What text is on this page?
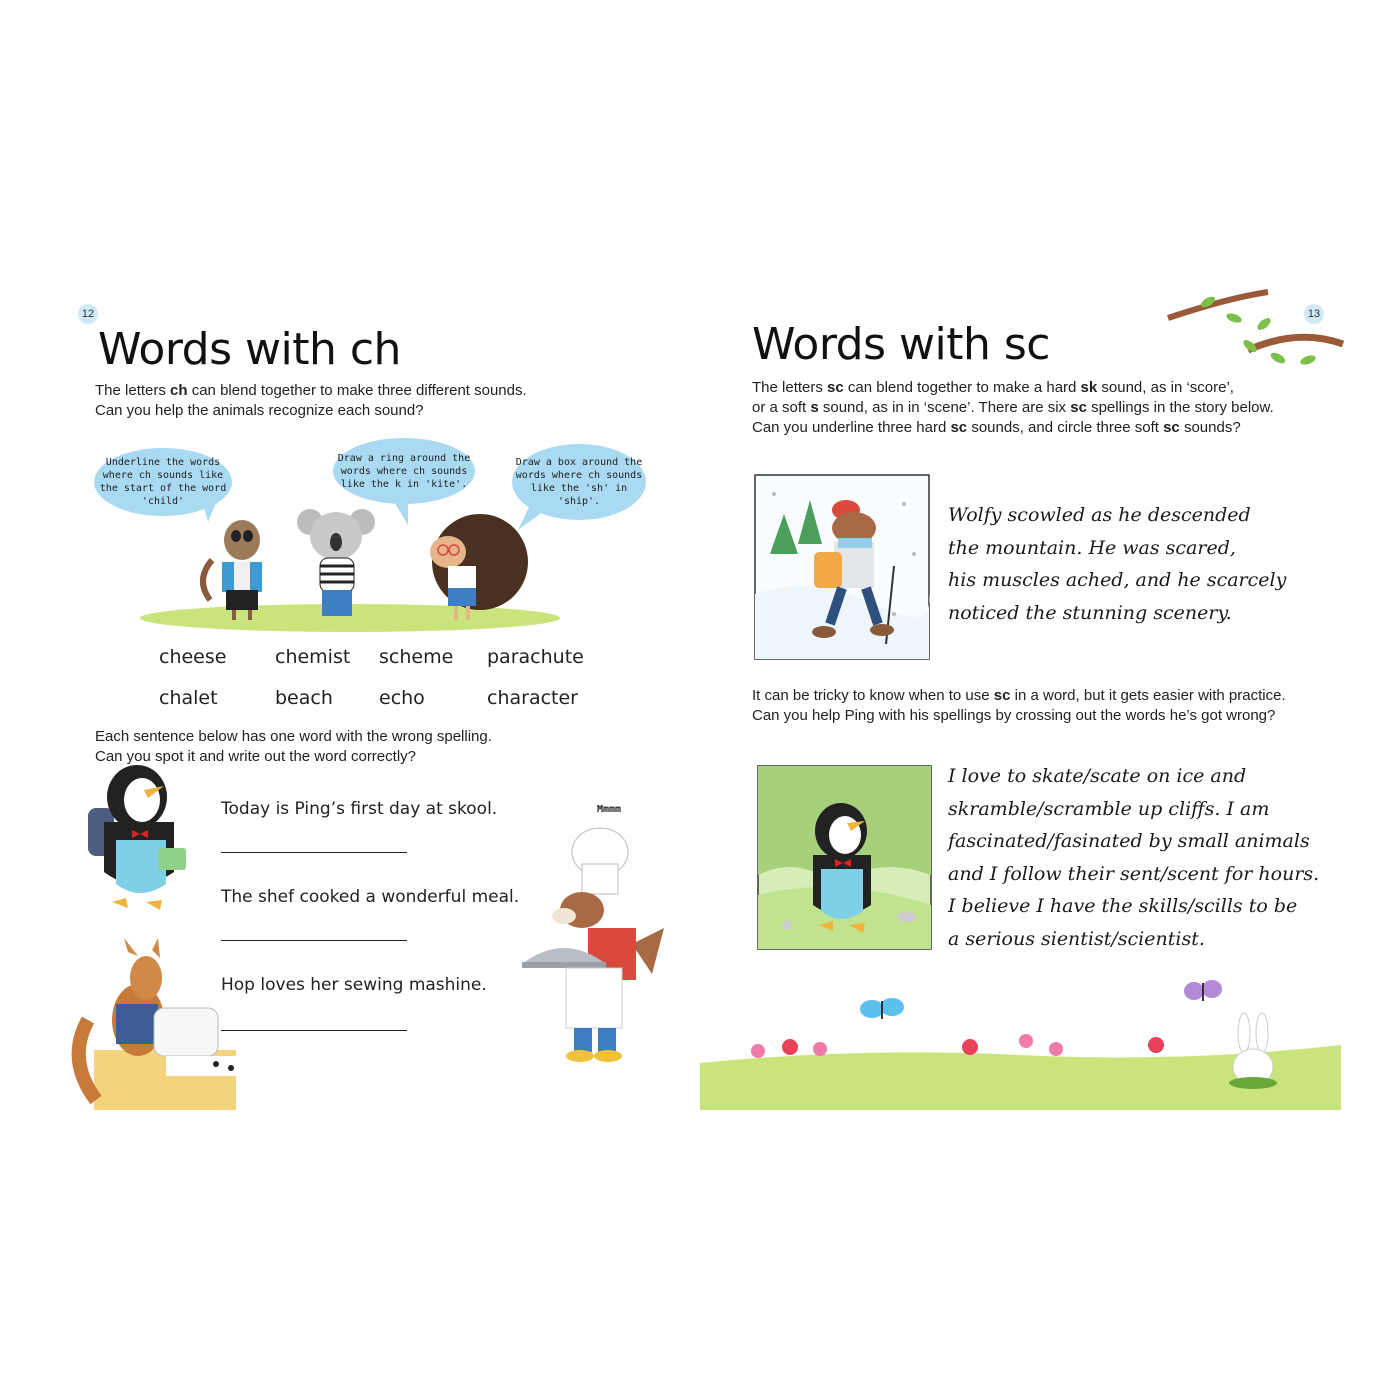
12
Words with ch
The letters ch can blend together to make three different sounds.
Can you help the animals recognize each sound?
Underline the words where ch sounds like the start of the word 'child'
Draw a ring around the words where ch sounds like the k in 'kite'.
Draw a box around the words where ch sounds like the 'sh' in 'ship'.
cheese	chemist scheme parachute
chalet	beach echo	character
Each sentence below has one word with the wrong spelling.
Can you spot it and write out the word correctly?
Today is Ping’s first day at skool.
The shef cooked a wonderful meal.
Hop loves her sewing mashine.
Mmmm
13
Words with sc
The letters sc can blend together to make a hard sk sound, as in ‘score’,
or a soft s sound, as in in ‘scene’. There are six sc spellings in the story below.
Can you underline three hard sc sounds, and circle three soft sc sounds?
Wolfy scowled as he descended
the mountain. He was scared,
his muscles ached, and he scarcely
noticed the stunning scenery.
It can be tricky to know when to use sc in a word, but it gets easier with practice.
Can you help Ping with his spellings by crossing out the words he’s got wrong?
I love to skate/scate on ice and
skramble/scramble up cliffs. I am
fascinated/fasinated by small animals
and I follow their sent/scent for hours.
I believe I have the skills/scills to be
a serious sientist/scientist.
